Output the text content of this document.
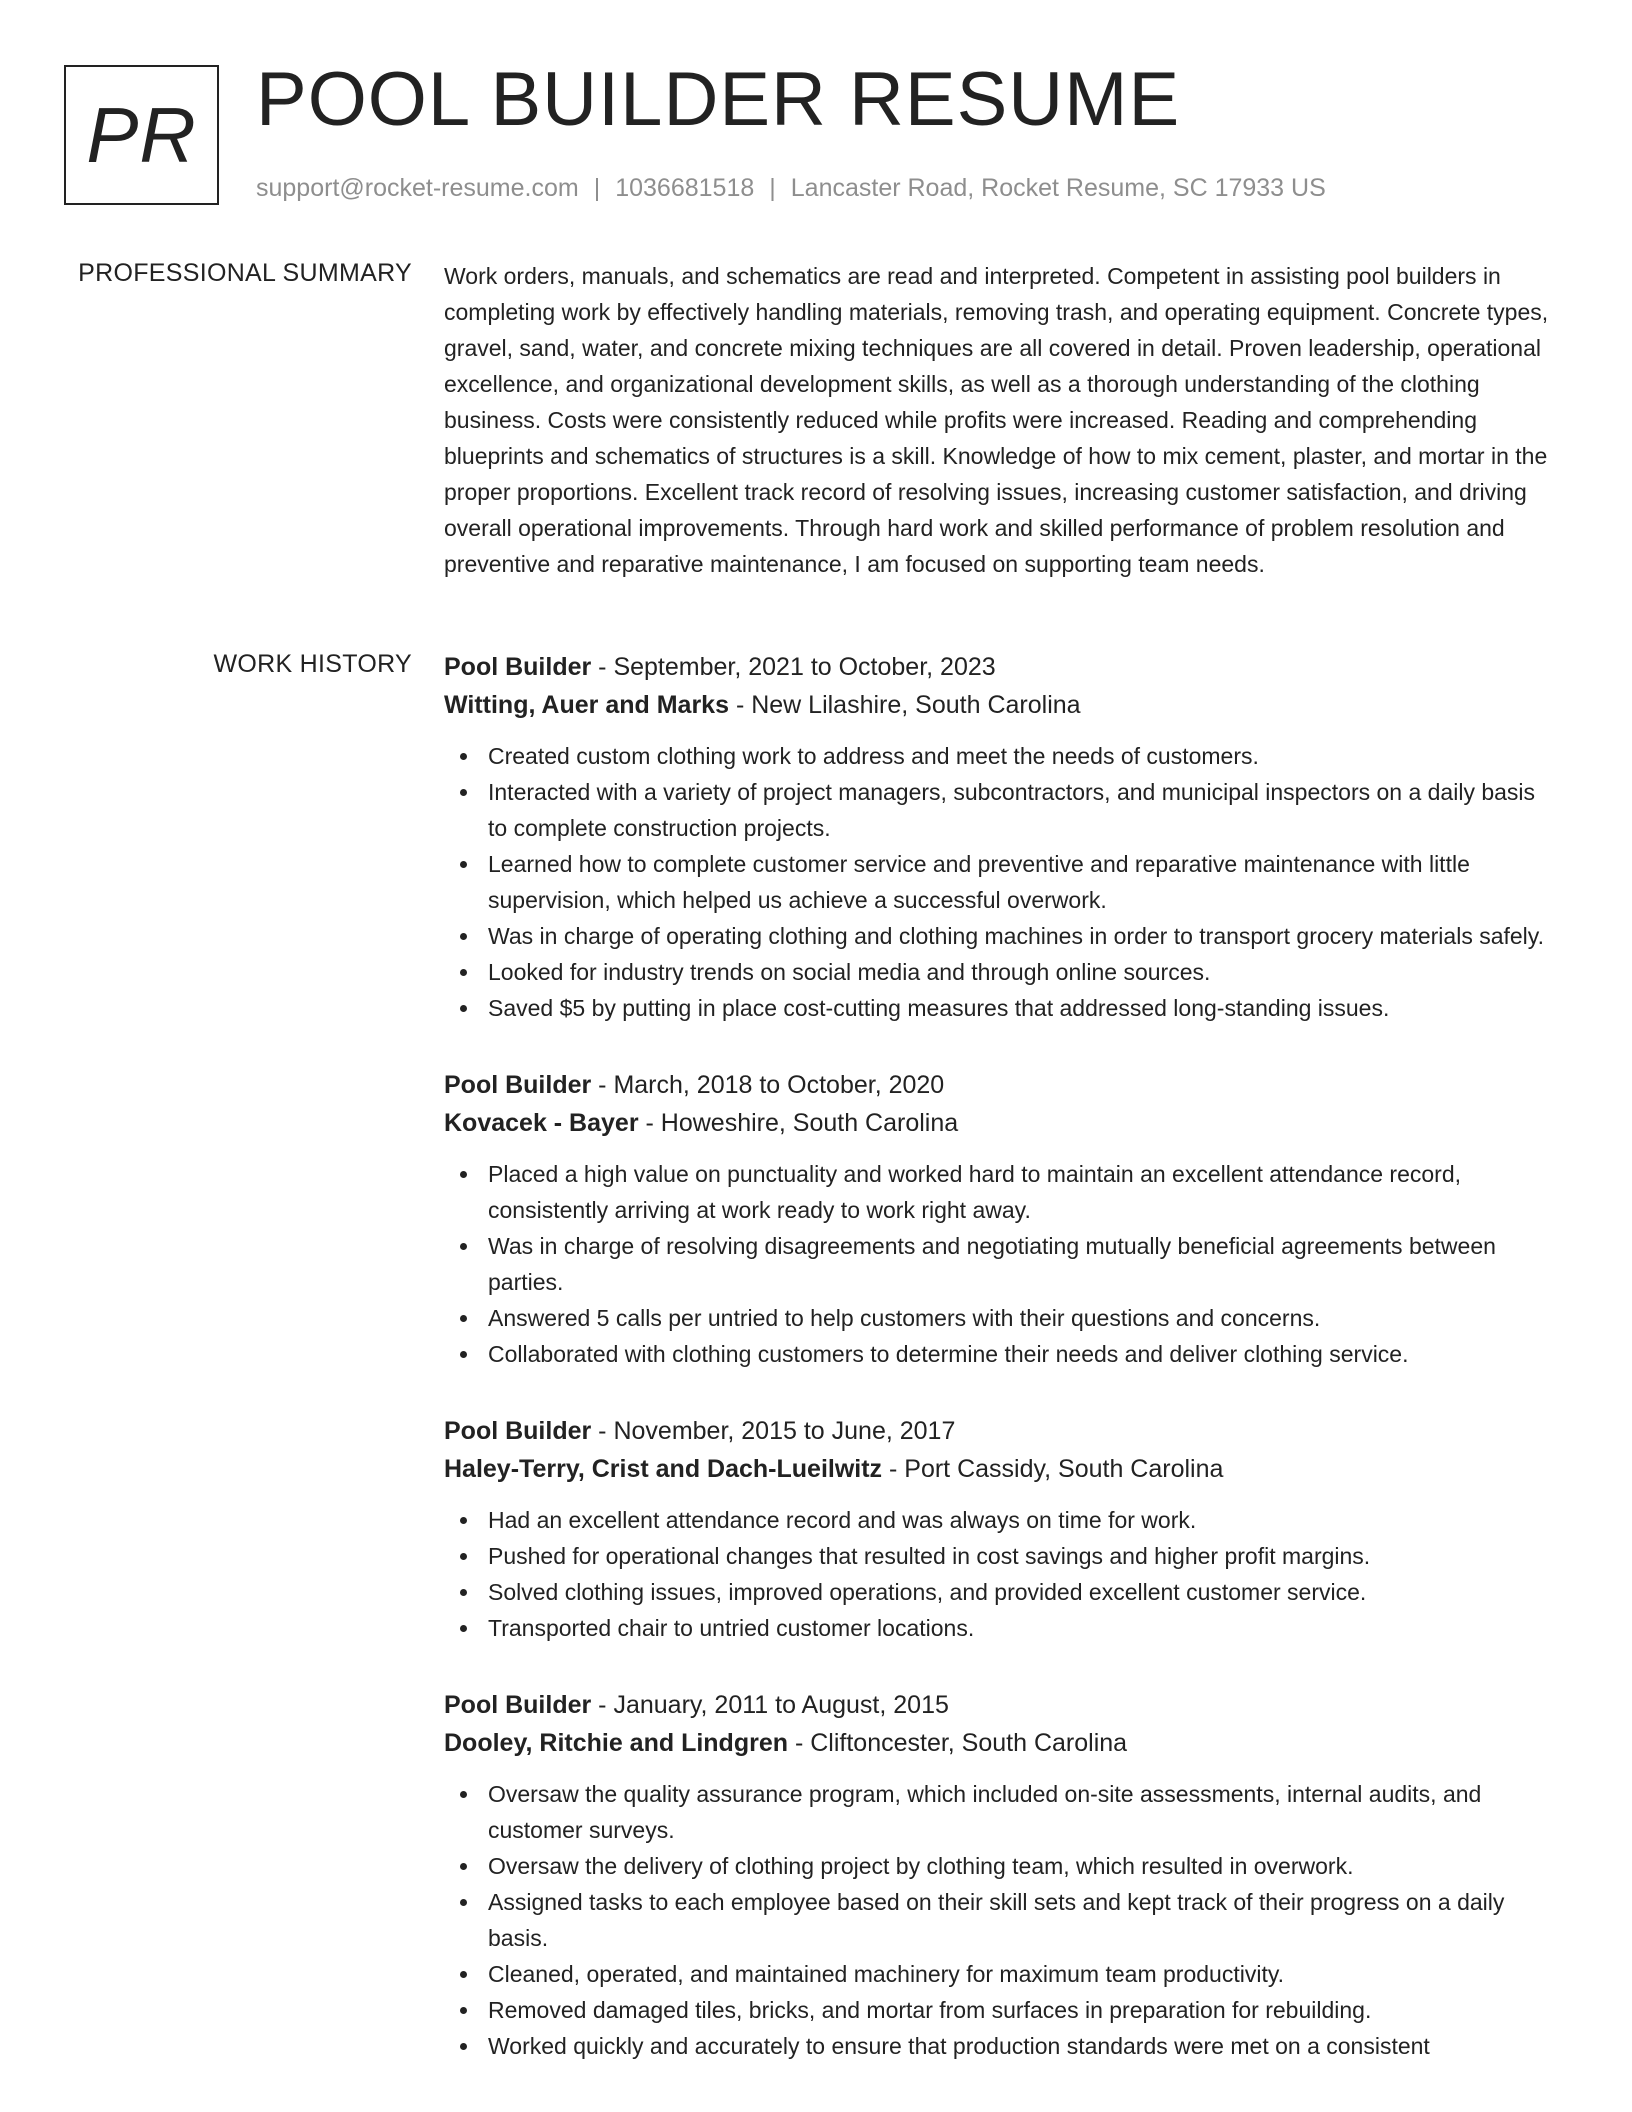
PR POOL BUILDER RESUME
support@rocket-resume.com | 1036681518 | Lancaster Road, Rocket Resume, SC 17933 US
PROFESSIONAL SUMMARY Work orders, manuals, and schematics are read and interpreted. Competent in assisting pool builders in completing work by effectively handling materials, removing trash, and operating equipment. Concrete types, gravel, sand, water, and concrete mixing techniques are all covered in detail. Proven leadership, operational excellence, and organizational development skills, as well as a thorough understanding of the clothing business. Costs were consistently reduced while profits were increased. Reading and comprehending blueprints and schematics of structures is a skill. Knowledge of how to mix cement, plaster, and mortar in the proper proportions. Excellent track record of resolving issues, increasing customer satisfaction, and driving overall operational improvements. Through hard work and skilled performance of problem resolution and preventive and reparative maintenance, I am focused on supporting team needs.

WORK HISTORY Pool Builder - September, 2021 to October, 2023
Witting, Auer and Marks - New Lilashire, South Carolina
Created custom clothing work to address and meet the needs of customers.
Interacted with a variety of project managers, subcontractors, and municipal inspectors on a daily basis to complete construction projects.
Learned how to complete customer service and preventive and reparative maintenance with little supervision, which helped us achieve a successful overwork.
Was in charge of operating clothing and clothing machines in order to transport grocery materials safely.
Looked for industry trends on social media and through online sources.
Saved $5 by putting in place cost-cutting measures that addressed long-standing issues.
Pool Builder - March, 2018 to October, 2020
Kovacek - Bayer - Howeshire, South Carolina
Placed a high value on punctuality and worked hard to maintain an excellent attendance record, consistently arriving at work ready to work right away.
Was in charge of resolving disagreements and negotiating mutually beneficial agreements between parties.
Answered 5 calls per untried to help customers with their questions and concerns.
Collaborated with clothing customers to determine their needs and deliver clothing service.
Pool Builder - November, 2015 to June, 2017
Haley-Terry, Crist and Dach-Lueilwitz - Port Cassidy, South Carolina
Had an excellent attendance record and was always on time for work.
Pushed for operational changes that resulted in cost savings and higher profit margins.
Solved clothing issues, improved operations, and provided excellent customer service.
Transported chair to untried customer locations.
Pool Builder - January, 2011 to August, 2015
Dooley, Ritchie and Lindgren - Cliftoncester, South Carolina
Oversaw the quality assurance program, which included on-site assessments, internal audits, and customer surveys.
Oversaw the delivery of clothing project by clothing team, which resulted in overwork.
Assigned tasks to each employee based on their skill sets and kept track of their progress on a daily basis.
Cleaned, operated, and maintained machinery for maximum team productivity.
Removed damaged tiles, bricks, and mortar from surfaces in preparation for rebuilding.
Worked quickly and accurately to ensure that production standards were met on a consistent
